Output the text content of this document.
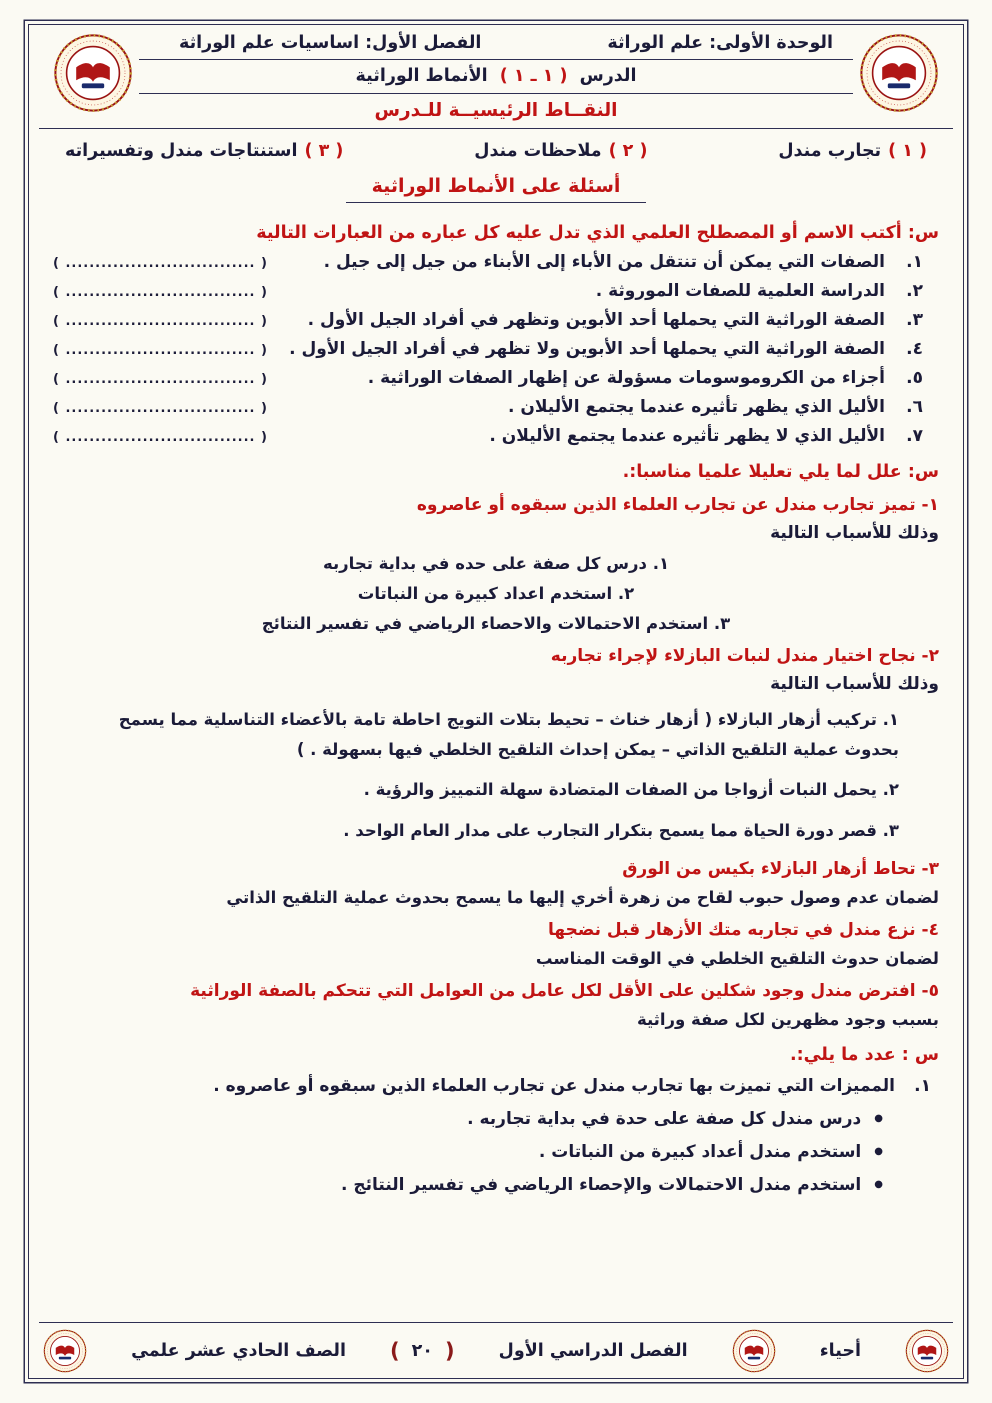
الوحدة الأولى: علم الوراثة
الفصل الأول: اساسيات علم الوراثة
الدرس ( ١ ـ ١ ) الأنماط الوراثية
النقــاط الرئيسيــة للـدرس
( ١ )تجارب مندل
( ٢ )ملاحظات مندل
( ٣ )استنتاجات مندل وتفسيراته
أسئلة على الأنماط الوراثية
س: أكتب الاسم أو المصطلح العلمي الذي تدل عليه كل عباره من العبارات التالية
١.
الصفات التي يمكن أن تنتقل من الأباء إلى الأبناء من جيل إلى جيل .
( ................................ )
٢.
الدراسة العلمية للصفات الموروثة .
( ................................ )
٣.
الصفة الوراثية التي يحملها أحد الأبوين وتظهر في أفراد الجيل الأول .
( ................................ )
٤.
الصفة الوراثية التي يحملها أحد الأبوين ولا تظهر في أفراد الجيل الأول .
( ................................ )
٥.
أجزاء من الكروموسومات مسؤولة عن إظهار الصفات الوراثية .
( ................................ )
٦.
الأليل الذي يظهر تأثيره عندما يجتمع الأليلان .
( ................................ )
٧.
الأليل الذي لا يظهر تأثيره عندما يجتمع الأليلان .
( ................................ )
س: علل لما يلي تعليلا علميا مناسبا:.
١- تميز تجارب مندل عن تجارب العلماء الذين سبقوه أو عاصروه
وذلك للأسباب التالية
١. درس كل صفة على حده في بداية تجاربه
٢. استخدم اعداد كبيرة من النباتات
٣. استخدم الاحتمالات والاحصاء الرياضي في تفسير النتائج
٢- نجاح اختيار مندل لنبات البازلاء لإجراء تجاربه
وذلك للأسباب التالية
١. تركيب أزهار البازلاء ( أزهار خناث – تحيط بتلات التويج احاطة تامة بالأعضاء التناسلية مما يسمح بحدوث عملية التلقيح الذاتي – يمكن إحداث التلقيح الخلطي فيها بسهولة . )
٢. يحمل النبات أزواجا من الصفات المتضادة سهلة التمييز والرؤية .
٣. قصر دورة الحياة مما يسمح بتكرار التجارب على مدار العام الواحد .
٣- تحاط أزهار البازلاء بكيس من الورق
لضمان عدم وصول حبوب لقاح من زهرة أخري إليها ما يسمح بحدوث عملية التلقيح الذاتي
٤- نزع مندل في تجاربه متك الأزهار قبل نضجها
لضمان حدوث التلقيح الخلطي في الوقت المناسب
٥- افترض مندل وجود شكلين على الأقل لكل عامل من العوامل التي تتحكم بالصفة الوراثية
بسبب وجود مظهرين لكل صفة وراثية
س : عدد ما يلي:.
١.
المميزات التي تميزت بها تجارب مندل عن تجارب العلماء الذين سبقوه أو عاصروه .
●
درس مندل كل صفة على حدة في بداية تجاربه .
●
استخدم مندل أعداد كبيرة من النباتات .
●
استخدم مندل الاحتمالات والإحصاء الرياضي في تفسير النتائج .
أحياء
الفصل الدراسي الأول
(
٢٠
)
الصف الحادي عشر علمي
